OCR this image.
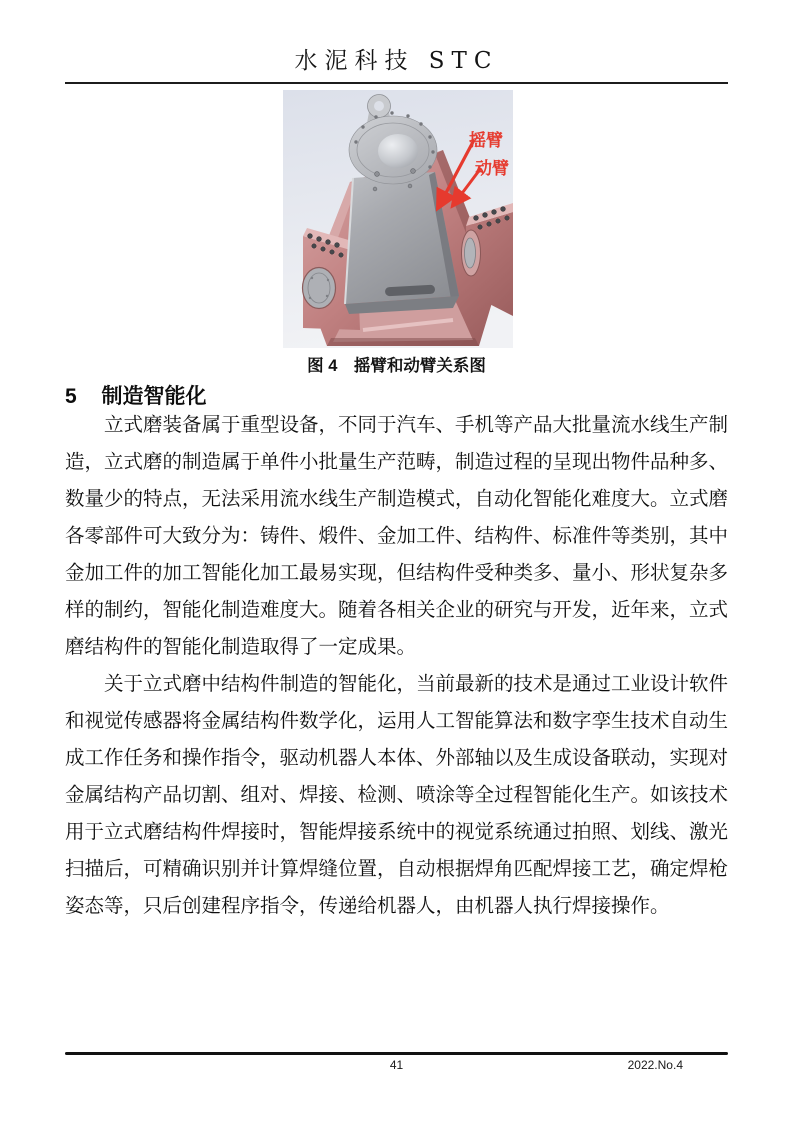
水泥科技 STC
摇臂
动臂
图 4　摇臂和动臂关系图
5 制造智能化

立式磨装备属于重型设备，不同于汽车、手机等产品大批量流水线生产制造，立式磨的制造属于单件小批量生产范畴，制造过程的呈现出物件品种多、数量少的特点，无法采用流水线生产制造模式，自动化智能化难度大。立式磨各零部件可大致分为：铸件、煅件、金加工件、结构件、标准件等类别，其中金加工件的加工智能化加工最易实现，但结构件受种类多、量小、形状复杂多样的制约，智能化制造难度大。随着各相关企业的研究与开发，近年来，立式磨结构件的智能化制造取得了一定成果。

关于立式磨中结构件制造的智能化，当前最新的技术是通过工业设计软件和视觉传感器将金属结构件数学化，运用人工智能算法和数字孪生技术自动生成工作任务和操作指令，驱动机器人本体、外部轴以及生成设备联动，实现对金属结构产品切割、组对、焊接、检测、喷涂等全过程智能化生产。如该技术用于立式磨结构件焊接时，智能焊接系统中的视觉系统通过拍照、划线、激光扫描后，可精确识别并计算焊缝位置，自动根据焊角匹配焊接工艺，确定焊枪姿态等，只后创建程序指令，传递给机器人，由机器人执行焊接操作。

41	2022.No.4
